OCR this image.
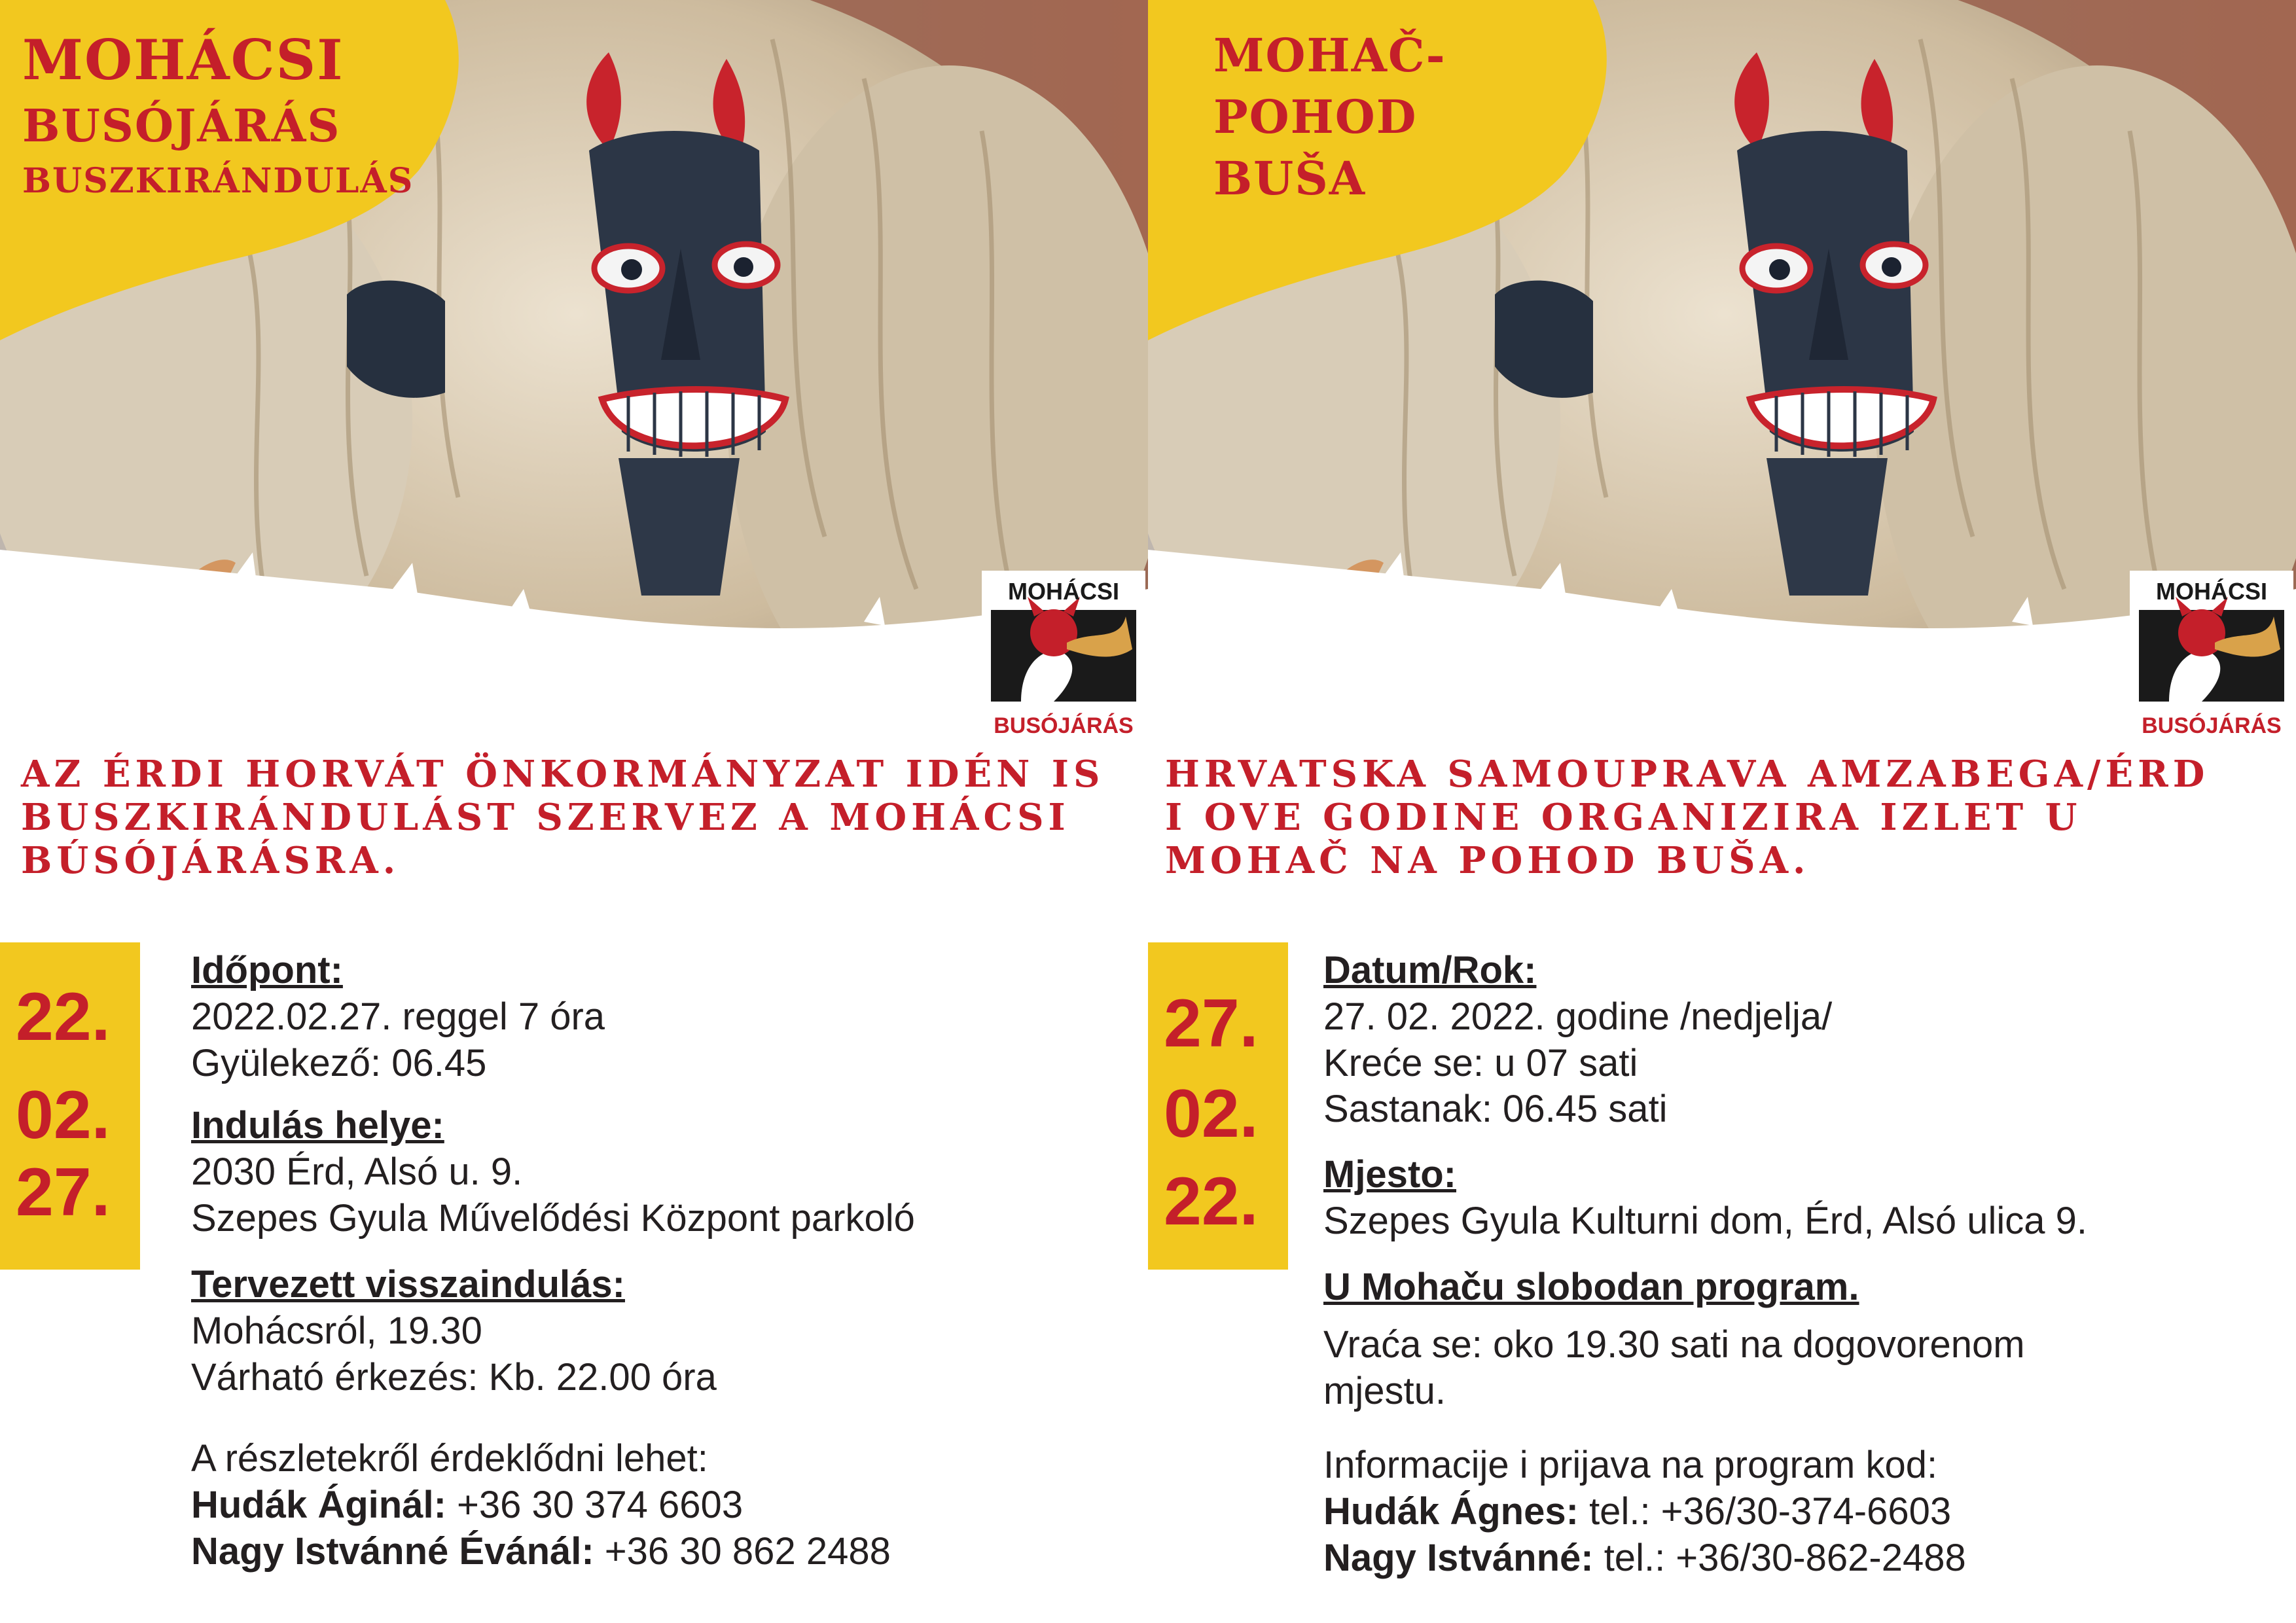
MOHÁCSI

BUSÓJÁRÁS

BUSZKIRÁNDULÁS

MOHÁCSI
BUSÓJÁRÁS
AZ ÉRDI HORVÁT ÖNKORMÁNYZAT IDÉN IS
BUSZKIRÁNDULÁST SZERVEZ A MOHÁCSI
BÚSÓJÁRÁSRA.
22.
02.
27.
Időpont:
2022.02.27. reggel 7 óra
Gyülekező: 06.45
Indulás helye:
2030 Érd, Alsó u. 9.
Szepes Gyula Művelődési Központ parkoló
Tervezett visszaindulás:
Mohácsról, 19.30
Várható érkezés: Kb. 22.00 óra
A részletekről érdeklődni lehet:
Hudák Áginál: +36 30 374 6603
Nagy Istvánné Évánál: +36 30 862 2488

MOHAČ-

POHOD

BUŠA

MOHÁCSI
BUSÓJÁRÁS
HRVATSKA SAMOUPRAVA AMZABEGA/ÉRD
I OVE GODINE ORGANIZIRA IZLET U
MOHAČ NA POHOD BUŠA.
27.
02.
22.
Datum/Rok:
27. 02. 2022. godine /nedjelja/
Kreće se: u 07 sati
Sastanak: 06.45 sati
Mjesto:
Szepes Gyula Kulturni dom, Érd, Alsó ulica 9.
U Mohaču slobodan program.
Vraća se: oko 19.30 sati na dogovorenom
mjestu.
Informacije i prijava na program kod:
Hudák Ágnes: tel.: +36/30-374-6603
Nagy Istvánné: tel.: +36/30-862-2488
